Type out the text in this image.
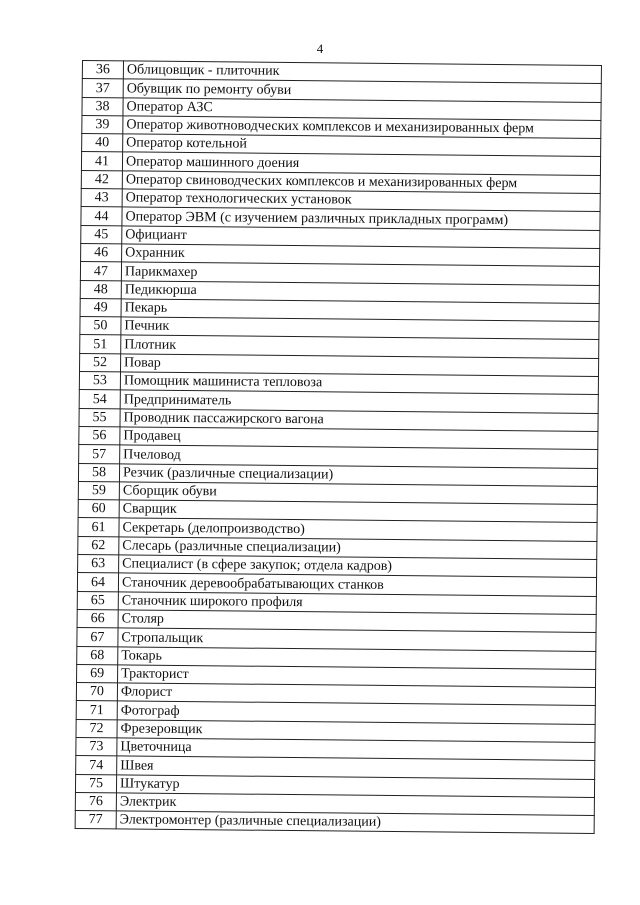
4
36	Облицовщик - плиточник
37	Обувщик по ремонту обуви
38	Оператор АЗС
39	Оператор животноводческих комплексов и механизированных ферм
40	Оператор котельной
41	Оператор машинного доения
42	Оператор свиноводческих комплексов и механизированных ферм
43	Оператор технологических установок
44	Оператор ЭВМ (с изучением различных прикладных программ)
45	Официант
46	Охранник
47	Парикмахер
48	Педикюрша
49	Пекарь
50	Печник
51	Плотник
52	Повар
53	Помощник машиниста тепловоза
54	Предприниматель
55	Проводник пассажирского вагона
56	Продавец
57	Пчеловод
58	Резчик (различные специализации)
59	Сборщик обуви
60	Сварщик
61	Секретарь (делопроизводство)
62	Слесарь (различные специализации)
63	Специалист (в сфере закупок; отдела кадров)
64	Станочник деревообрабатывающих станков
65	Станочник широкого профиля
66	Столяр
67	Стропальщик
68	Токарь
69	Тракторист
70	Флорист
71	Фотограф
72	Фрезеровщик
73	Цветочница
74	Швея
75	Штукатур
76	Электрик
77	Электромонтер (различные специализации)
